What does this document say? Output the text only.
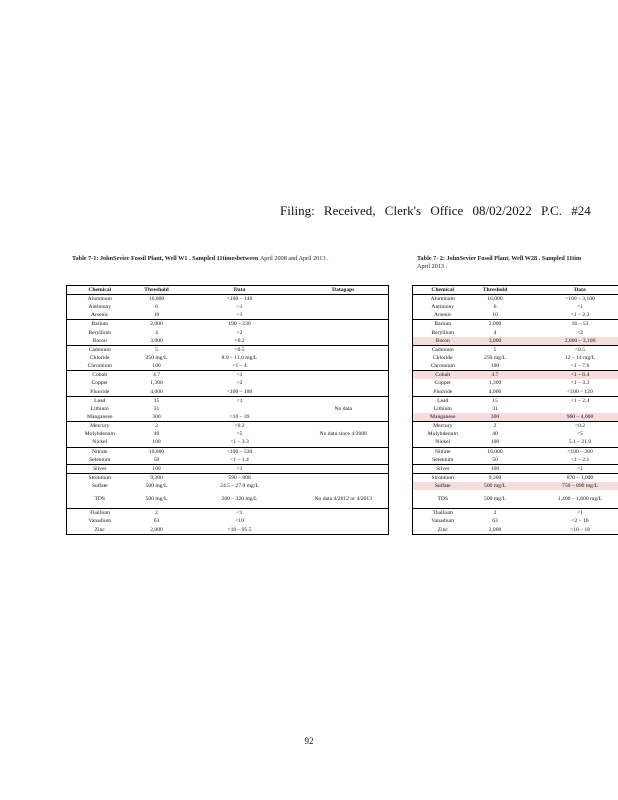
Filing: Received, Clerk's Office 08/02/2022 P.C. #24
Table 7-1: JohnSevier Fossil Plant, Well W1 . Sampled 11timesbetween April 2008 and April 2013 .
Chemical	Threshold	Data	Datagaps
Aluminum	16,000	<100 – 140	
Antimony	6	<1	
Arsenic	10	<1	
Barium	2,000	190 – 230	
Beryllium	4	<2	
Boron	3,000	<0.2	
Cadmium	5	<0.5	
Chloride	250 mg/L	8.9 – 11.0 mg/L	
Chromium	100	<1 – 4	
Cobalt	4.7	<1	
Copper	1,300	<2	
Fluoride	4,000	<100 – 100	
Lead	15	<1	
Lithium	31		No data
Manganese	300	<10 – 39	
Mercury	2	<0.2	
Molybdenum	40	<5	No data since 4/2008
Nickel	100	<1 – 3.3	
Nitrate	10,000	<100 – 530	
Selenium	50	<1 – 1.4	
Silver	100	<1	
Strontium	9,300	590 – 800	
Sulfate	500 mg/L	24.5 – 27.0 mg/L	
TDS	500 mg/L	260 – 320 mg/L	No data 4/2012 or 4/2013
Thallium	2	<1	
Vanadium	63	<10	
Zinc	2,000	<10 – 95.5	
Table 7- 2: JohnSevier Fossil Plant, Well W28 . Sampled 11tim
April 2013 .
Chemical	Threshold	Data
Aluminum	16,000	<100 – 3,100
Antimony	6	<1
Arsenic	10	<1 – 2.3
Barium	2,000	16 – 53
Beryllium	4	<2
Boron	3,000	2,600 – 3,100
Cadmium	5	<0.5
Chloride	250 mg/L	12 – 14 mg/L
Chromium	100	<1 – 7.6
Cobalt	4.7	<1 – 6.4
Copper	1,300	<1 – 3.3
Fluoride	4,000	<100 – 120
Lead	15	<1 – 2.4
Lithium	31	
Manganese	300	960 – 4,000
Mercury	2	<0.2
Molybdenum	40	<5
Nickel	100	5.1 – 21.0
Nitrate	10,000	<100 – 280
Selenium	50	<1 – 2.1
Silver	100	<1
Strontium	9,300	870 – 1,000
Sulfate	500 mg/L	750 – 890 mg/L
TDS	500 mg/L	1,400 – 1,600 mg/L
Thallium	2	<1
Vanadium	63	<2 – 10
Zinc	2,000	<10 – 18
92
